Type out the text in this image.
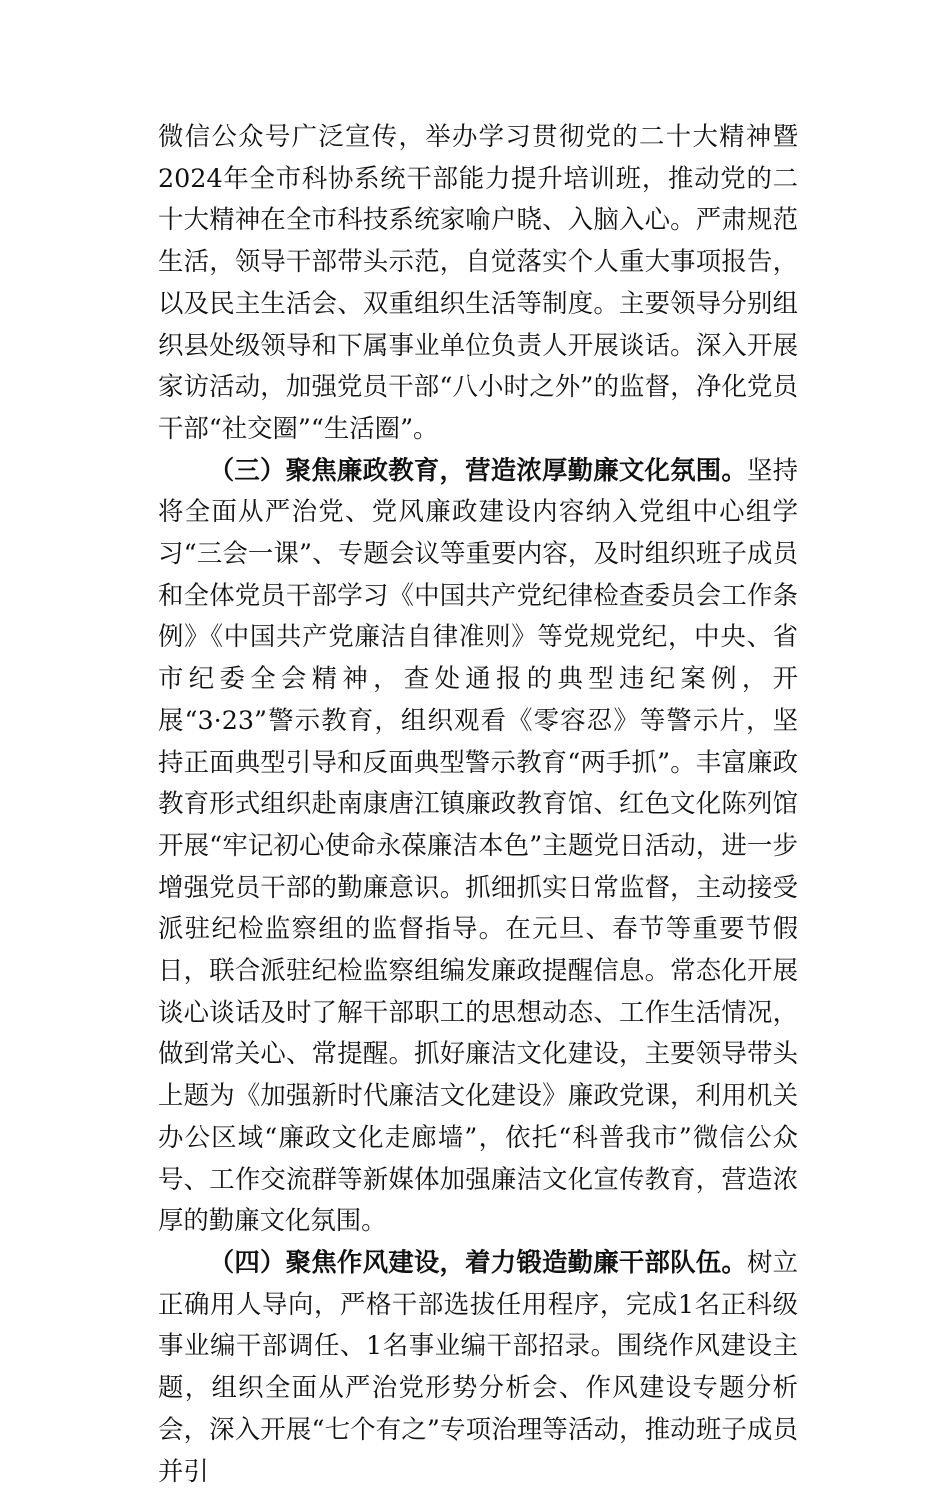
微信公众号广泛宣传，举办学习贯彻党的二十大精神暨2024年全市科协系统干部能力提升培训班，推动党的二十大精神在全市科技系统家喻户晓、入脑入心。严肃规范生活，领导干部带头示范，自觉落实个人重大事项报告，以及民主生活会、双重组织生活等制度。主要领导分别组织县处级领导和下属事业单位负责人开展谈话。深入开展家访活动，加强党员干部“八小时之外”的监督，净化党员干部“社交圈”“生活圈”。

（三）聚焦廉政教育，营造浓厚勤廉文化氛围。坚持将全面从严治党、党风廉政建设内容纳入党组中心组学习“三会一课”、专题会议等重要内容，及时组织班子成员和全体党员干部学习《中国共产党纪律检查委员会工作条例》《中国共产党廉洁自律准则》等党规党纪，中央、省市纪委全会精神，查处通报的典型违纪案例，开展“3·23”警示教育，组织观看《零容忍》等警示片，坚持正面典型引导和反面典型警示教育“两手抓”。丰富廉政教育形式组织赴南康唐江镇廉政教育馆、红色文化陈列馆开展“牢记初心使命永葆廉洁本色”主题党日活动，进一步增强党员干部的勤廉意识。抓细抓实日常监督，主动接受派驻纪检监察组的监督指导。在元旦、春节等重要节假日，联合派驻纪检监察组编发廉政提醒信息。常态化开展谈心谈话及时了解干部职工的思想动态、工作生活情况，做到常关心、常提醒。抓好廉洁文化建设，主要领导带头上题为《加强新时代廉洁文化建设》廉政党课，利用机关办公区域“廉政文化走廊墙”，依托“科普我市”微信公众号、工作交流群等新媒体加强廉洁文化宣传教育，营造浓厚的勤廉文化氛围。

（四）聚焦作风建设，着力锻造勤廉干部队伍。树立正确用人导向，严格干部选拔任用程序，完成1名正科级事业编干部调任、1名事业编干部招录。围绕作风建设主题，组织全面从严治党形势分析会、作风建设专题分析会，深入开展“七个有之”专项治理等活动，推动班子成员并引
